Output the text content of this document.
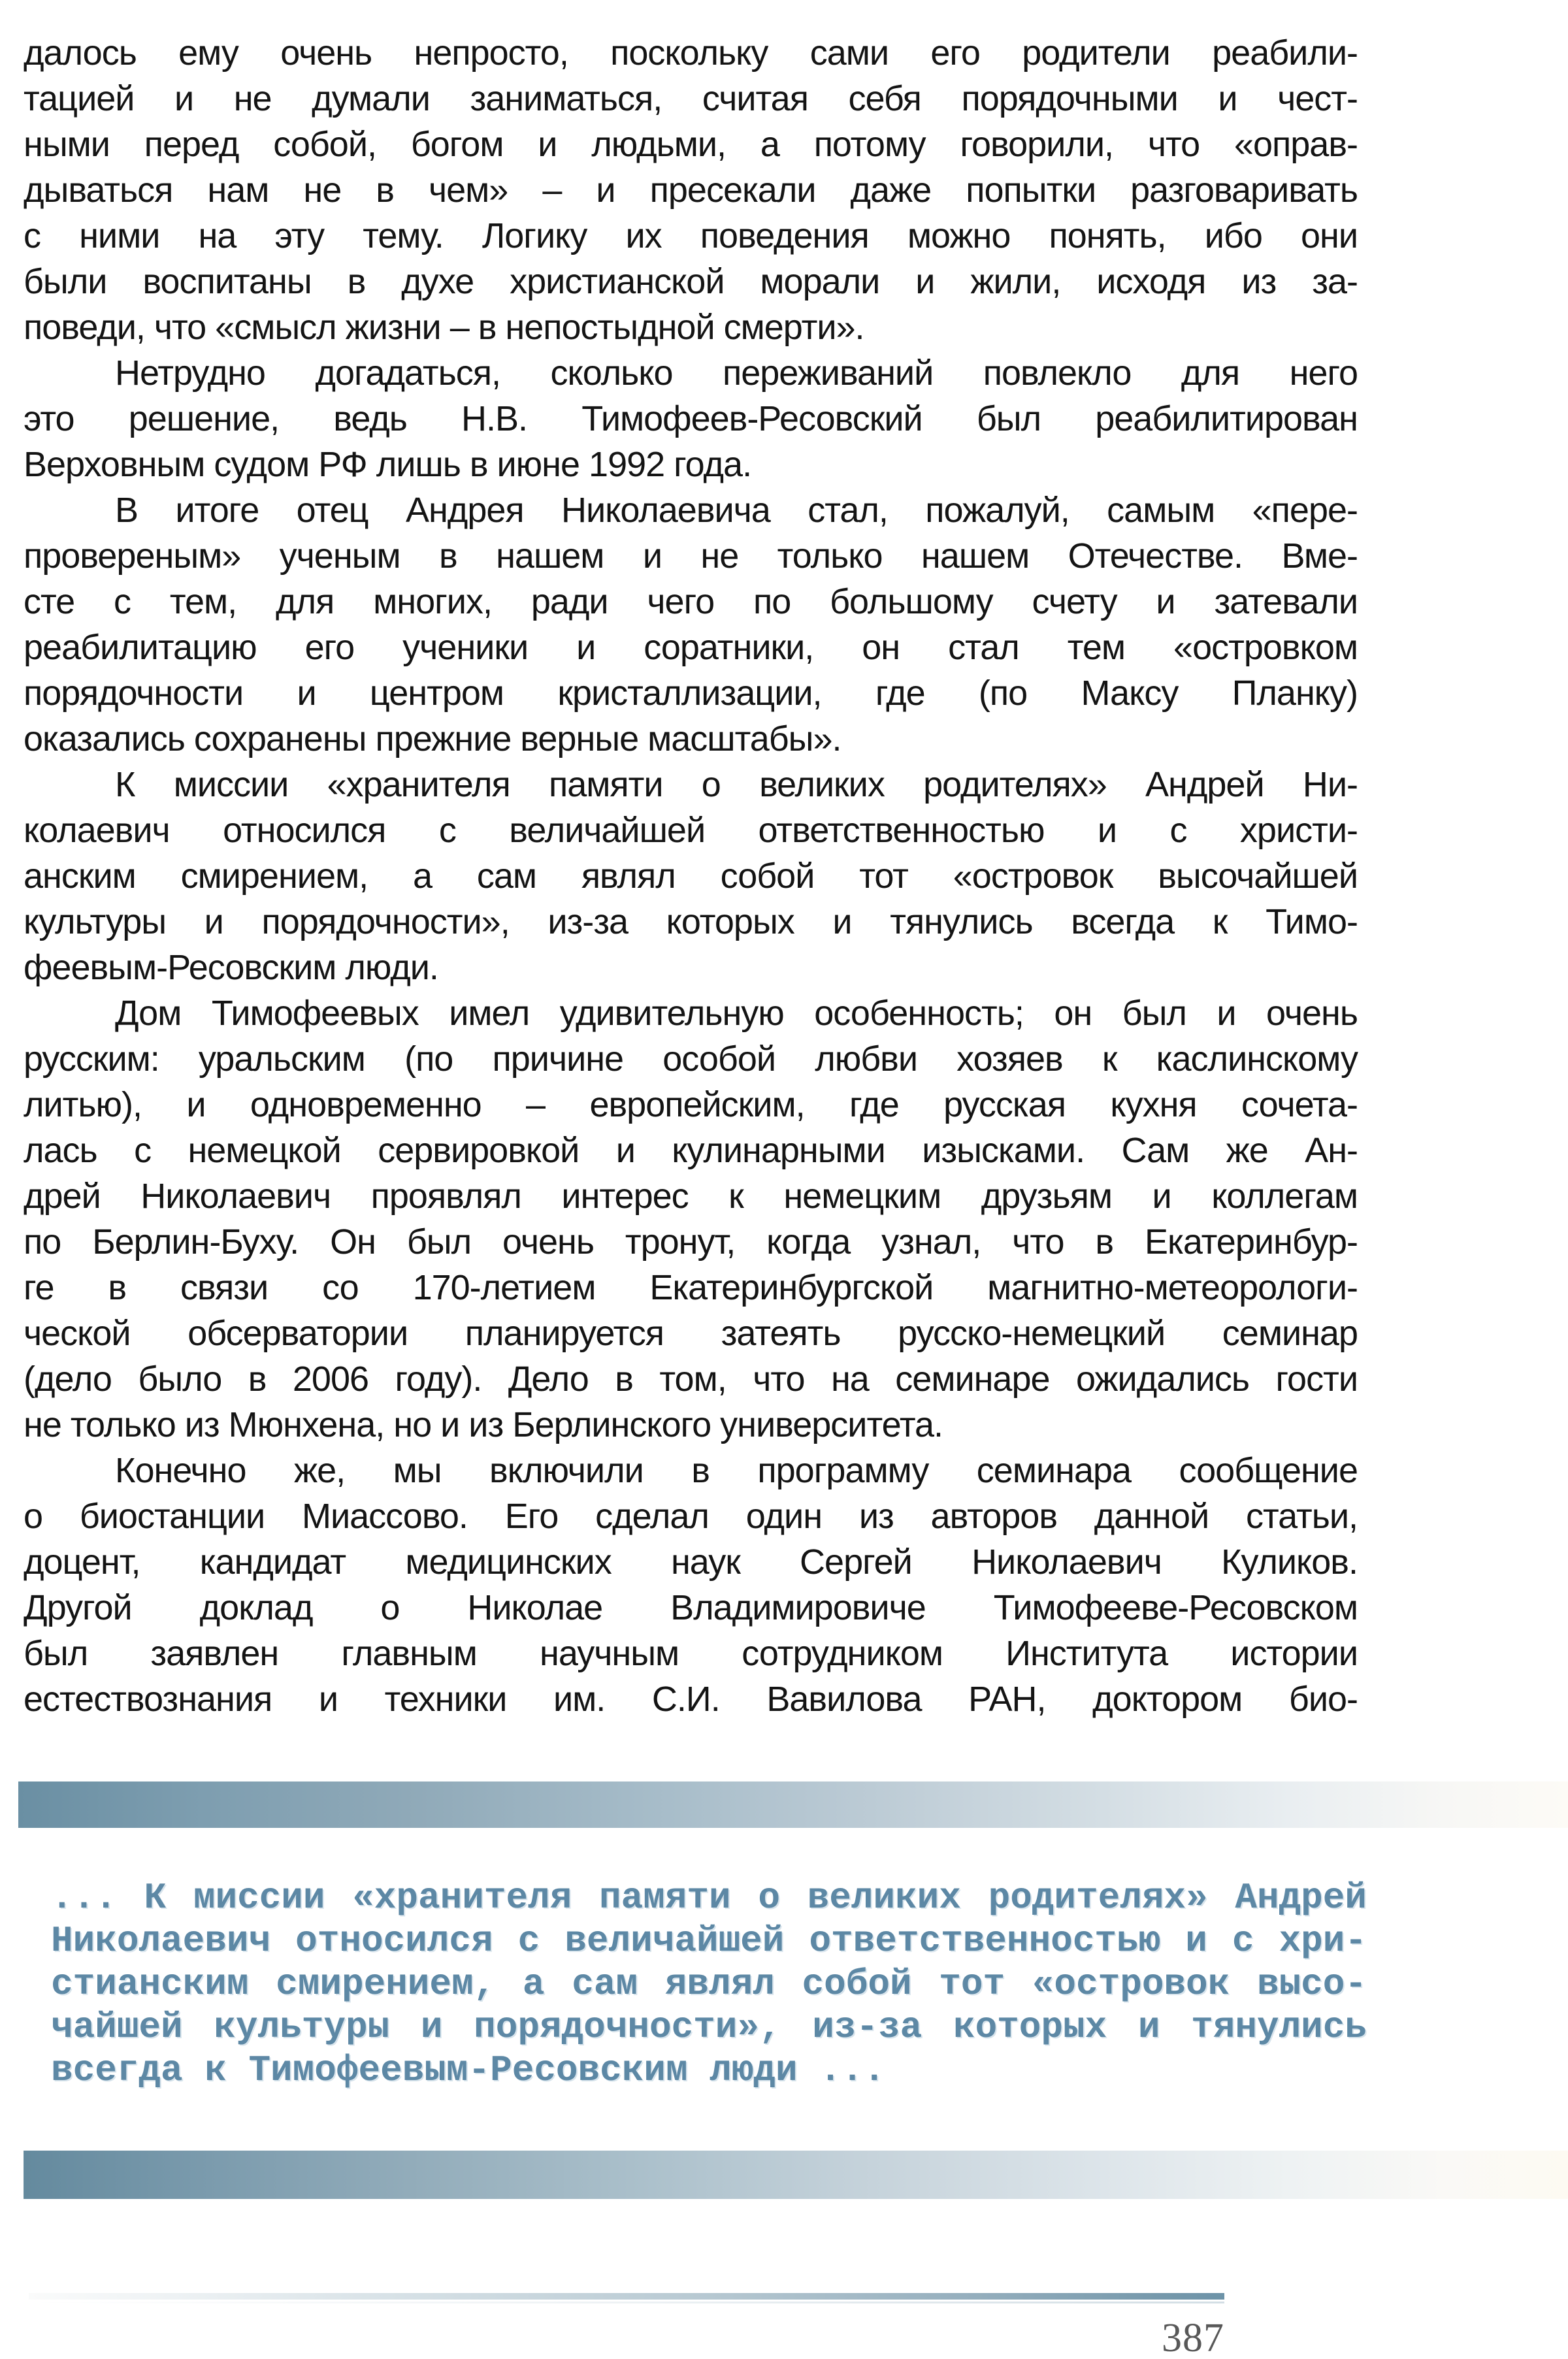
далось ему очень непросто, поскольку сами его родители реабили-
тацией и не думали заниматься, считая себя порядочными и чест-
ными перед собой, богом и людьми, а потому говорили, что «оправ-
дываться нам не в чем» – и пресекали даже попытки разговаривать
с ними на эту тему. Логику их поведения можно понять, ибо они
были воспитаны в духе христианской морали и жили, исходя из за-
поведи, что «смысл жизни – в непостыдной смерти».
Нетрудно догадаться, сколько переживаний повлекло для него
это решение, ведь Н.В. Тимофеев-Ресовский был реабилитирован
Верховным судом РФ лишь в июне 1992 года.
В итоге отец Андрея Николаевича стал, пожалуй, самым «пере-
провереным» ученым в нашем и не только нашем Отечестве. Вме-
сте с тем, для многих, ради чего по большому счету и затевали
реабилитацию его ученики и соратники, он стал тем «островком
порядочности и центром кристаллизации, где (по Максу Планку)
оказались сохранены прежние верные масштабы».
К миссии «хранителя памяти о великих родителях» Андрей Ни-
колаевич относился с величайшей ответственностью и с христи-
анским смирением, а сам являл собой тот «островок высочайшей
культуры и порядочности», из-за которых и тянулись всегда к Тимо-
феевым-Ресовским люди.
Дом Тимофеевых имел удивительную особенность; он был и очень
русским: уральским (по причине особой любви хозяев к каслинскому
литью), и одновременно – европейским, где русская кухня сочета-
лась с немецкой сервировкой и кулинарными изысками. Сам же Ан-
дрей Николаевич проявлял интерес к немецким друзьям и коллегам
по Берлин-Буху. Он был очень тронут, когда узнал, что в Екатеринбур-
ге в связи со 170-летием Екатеринбургской магнитно-метеорологи-
ческой обсерватории планируется затеять русско-немецкий семинар
(дело было в 2006 году). Дело в том, что на семинаре ожидались гости
не только из Мюнхена, но и из Берлинского университета.
Конечно же, мы включили в программу семинара сообщение
о биостанции Миассово. Его сделал один из авторов данной статьи,
доцент, кандидат медицинских наук Сергей Николаевич Куликов.
Другой доклад о Николае Владимировиче Тимофееве-Ресовском
был заявлен главным научным сотрудником Института истории
естествознания и техники им. С.И. Вавилова РАН, доктором био-
... К миссии «хранителя памяти о великих родителях» Андрей
Николаевич относился с величайшей ответственностью и с хри-
стианским смирением, а сам являл собой тот «островок высо-
чайшей культуры и порядочности», из-за которых и тянулись
всегда к Тимофеевым-Ресовским люди ...
387
